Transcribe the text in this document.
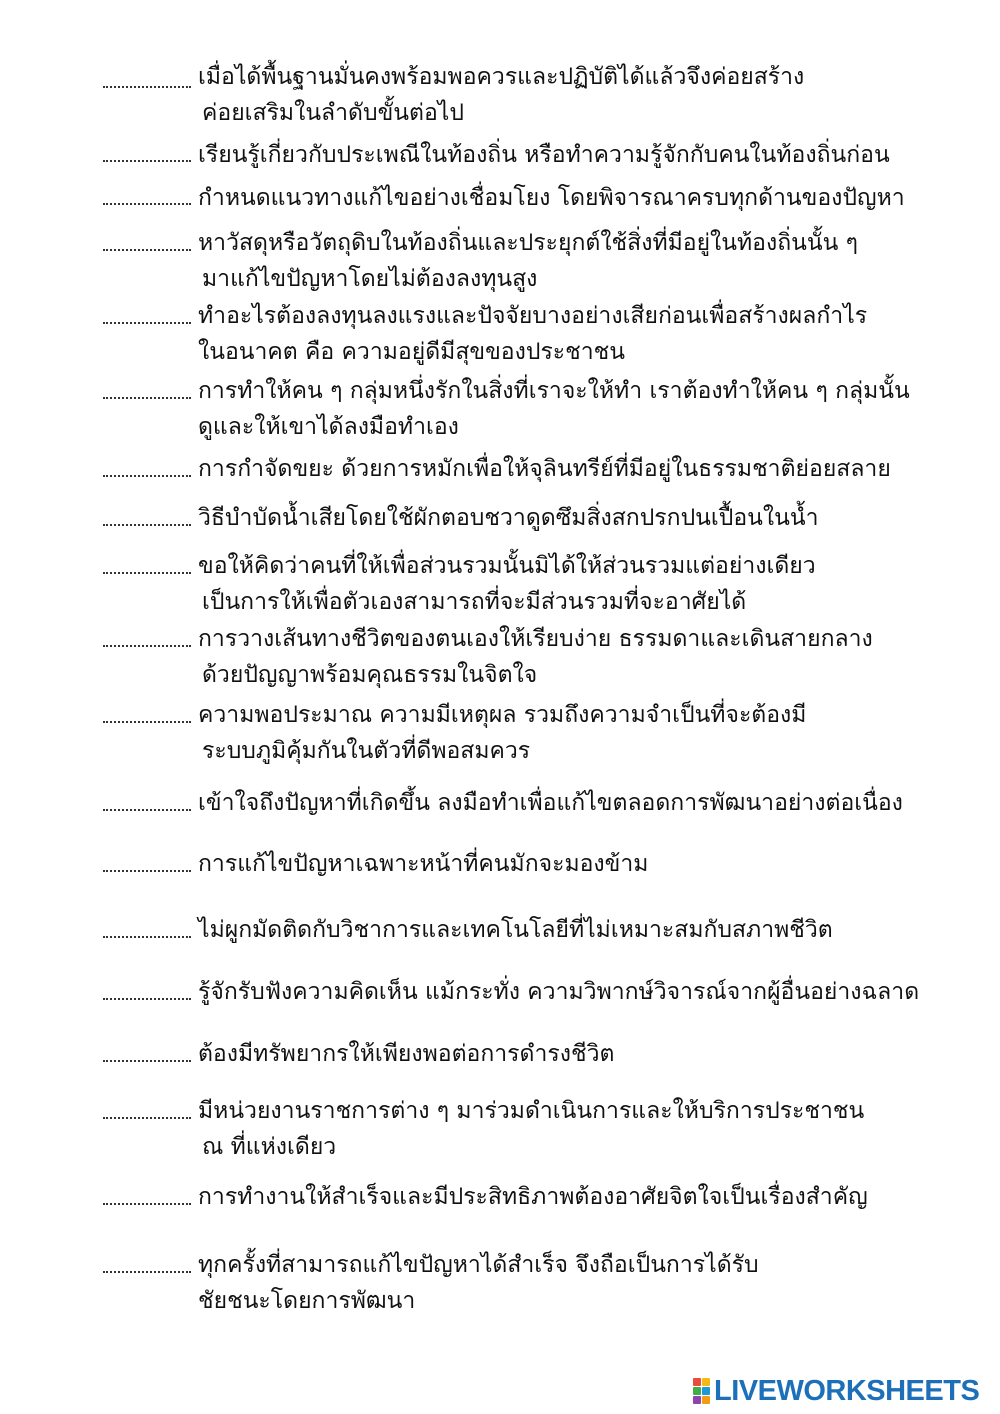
เมื่อได้พื้นฐานมั่นคงพร้อมพอควรและปฏิบัติได้แล้วจึงค่อยสร้าง
ค่อยเสริมในลำดับขั้นต่อไป
เรียนรู้เกี่ยวกับประเพณีในท้องถิ่น หรือทำความรู้จักกับคนในท้องถิ่นก่อน
กำหนดแนวทางแก้ไขอย่างเชื่อมโยง โดยพิจารณาครบทุกด้านของปัญหา
หาวัสดุหรือวัตถุดิบในท้องถิ่นและประยุกต์ใช้สิ่งที่มีอยู่ในท้องถิ่นนั้น ๆ
มาแก้ไขปัญหาโดยไม่ต้องลงทุนสูง
ทำอะไรต้องลงทุนลงแรงและปัจจัยบางอย่างเสียก่อนเพื่อสร้างผลกำไร
ในอนาคต คือ ความอยู่ดีมีสุขของประชาชน
การทำให้คน ๆ กลุ่มหนึ่งรักในสิ่งที่เราจะให้ทำ เราต้องทำให้คน ๆ กลุ่มนั้น
ดูและให้เขาได้ลงมือทำเอง
การกำจัดขยะ ด้วยการหมักเพื่อให้จุลินทรีย์ที่มีอยู่ในธรรมชาติย่อยสลาย
วิธีบำบัดน้ำเสียโดยใช้ผักตอบชวาดูดซึมสิ่งสกปรกปนเปื้อนในน้ำ
ขอให้คิดว่าคนที่ให้เพื่อส่วนรวมนั้นมิได้ให้ส่วนรวมแต่อย่างเดียว
เป็นการให้เพื่อตัวเองสามารถที่จะมีส่วนรวมที่จะอาศัยได้
การวางเส้นทางชีวิตของตนเองให้เรียบง่าย ธรรมดาและเดินสายกลาง
ด้วยปัญญาพร้อมคุณธรรมในจิตใจ
ความพอประมาณ ความมีเหตุผล รวมถึงความจำเป็นที่จะต้องมี
ระบบภูมิคุ้มกันในตัวที่ดีพอสมควร
เข้าใจถึงปัญหาที่เกิดขึ้น ลงมือทำเพื่อแก้ไขตลอดการพัฒนาอย่างต่อเนื่อง
การแก้ไขปัญหาเฉพาะหน้าที่คนมักจะมองข้าม
ไม่ผูกมัดติดกับวิชาการและเทคโนโลยีที่ไม่เหมาะสมกับสภาพชีวิต
รู้จักรับฟังความคิดเห็น แม้กระทั่ง ความวิพากษ์วิจารณ์จากผู้อื่นอย่างฉลาด
ต้องมีทรัพยากรให้เพียงพอต่อการดำรงชีวิต
มีหน่วยงานราชการต่าง ๆ มาร่วมดำเนินการและให้บริการประชาชน
ณ ที่แห่งเดียว
การทำงานให้สำเร็จและมีประสิทธิภาพต้องอาศัยจิตใจเป็นเรื่องสำคัญ
ทุกครั้งที่สามารถแก้ไขปัญหาได้สำเร็จ จึงถือเป็นการได้รับ
ชัยชนะโดยการพัฒนา
LIVEWORKSHEETS
